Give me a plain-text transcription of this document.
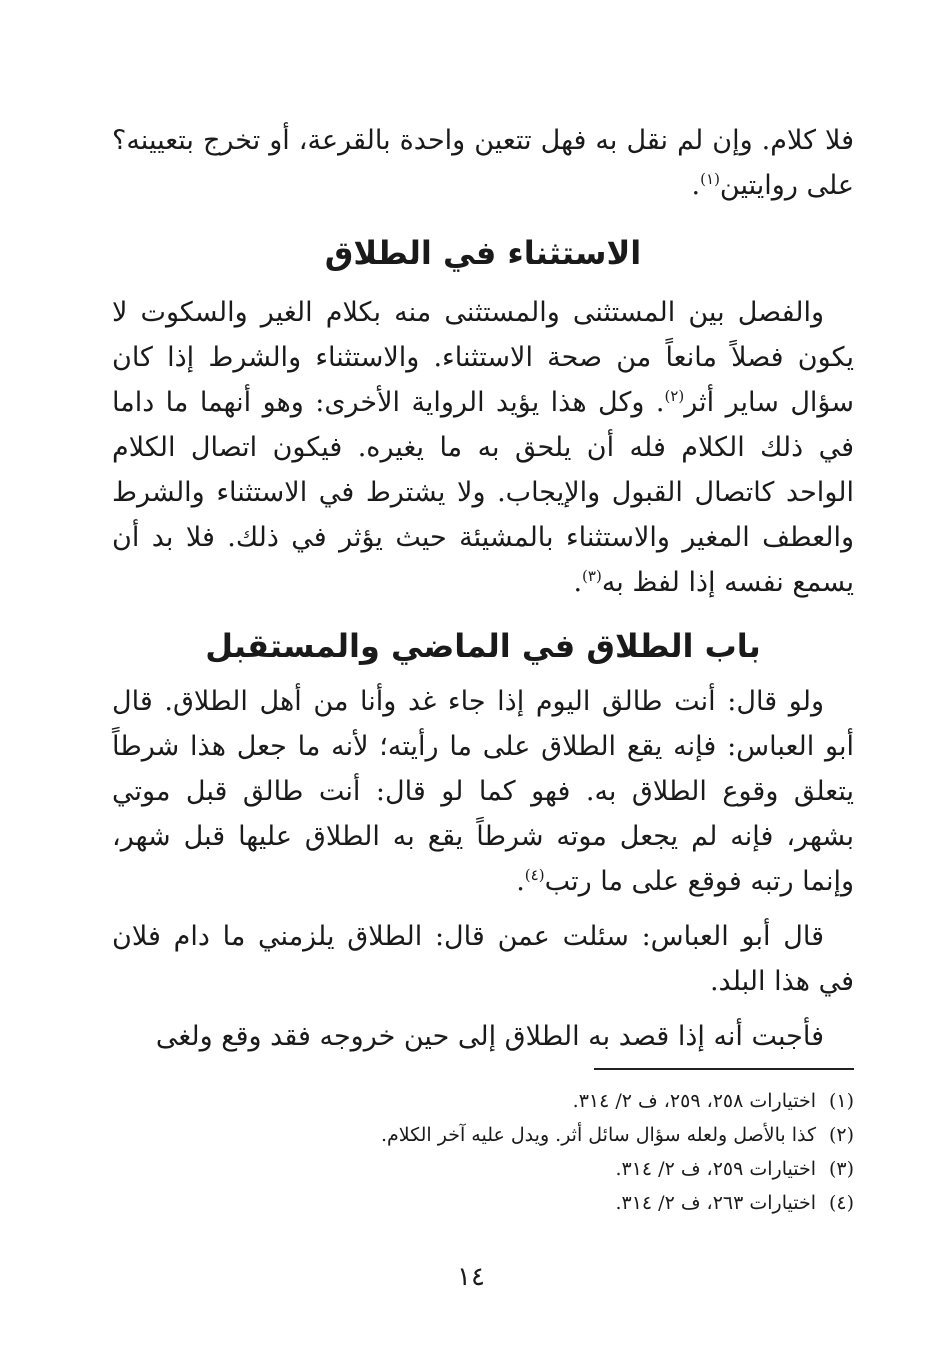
فلا كلام. وإن لم نقل به فهل تتعين واحدة بالقرعة، أو تخرج بتعيينه؟ على روايتين$^{(١)}$.

الاستثناء في الطلاق

والفصل بين المستثنى والمستثنى منه بكلام الغير والسكوت لا يكون فصلاً مانعاً من صحة الاستثناء. والاستثناء والشرط إذا كان سؤال ساير أثر$^{(٢)}$. وكل هذا يؤيد الرواية الأخرى: وهو أنهما ما داما في ذلك الكلام فله أن يلحق به ما يغيره. فيكون اتصال الكلام الواحد كاتصال القبول والإيجاب. ولا يشترط في الاستثناء والشرط والعطف المغير والاستثناء بالمشيئة حيث يؤثر في ذلك. فلا بد أن يسمع نفسه إذا لفظ به$^{(٣)}$.

باب الطلاق في الماضي والمستقبل

ولو قال: أنت طالق اليوم إذا جاء غد وأنا من أهل الطلاق. قال أبو العباس: فإنه يقع الطلاق على ما رأيته؛ لأنه ما جعل هذا شرطاً يتعلق وقوع الطلاق به. فهو كما لو قال: أنت طالق قبل موتي بشهر، فإنه لم يجعل موته شرطاً يقع به الطلاق عليها قبل شهر، وإنما رتبه فوقع على ما رتب$^{(٤)}$.

قال أبو العباس: سئلت عمن قال: الطلاق يلزمني ما دام فلان في هذا البلد.

فأجبت أنه إذا قصد به الطلاق إلى حين خروجه فقد وقع ولغى

(١)اختيارات ٢٥٨، ٢٥٩، ف ٢/ ٣١٤.

(٢)كذا بالأصل ولعله سؤال سائل أثر. ويدل عليه آخر الكلام.

(٣)اختيارات ٢٥٩، ف ٢/ ٣١٤.

(٤)اختيارات ٢٦٣، ف ٢/ ٣١٤.

١٤
